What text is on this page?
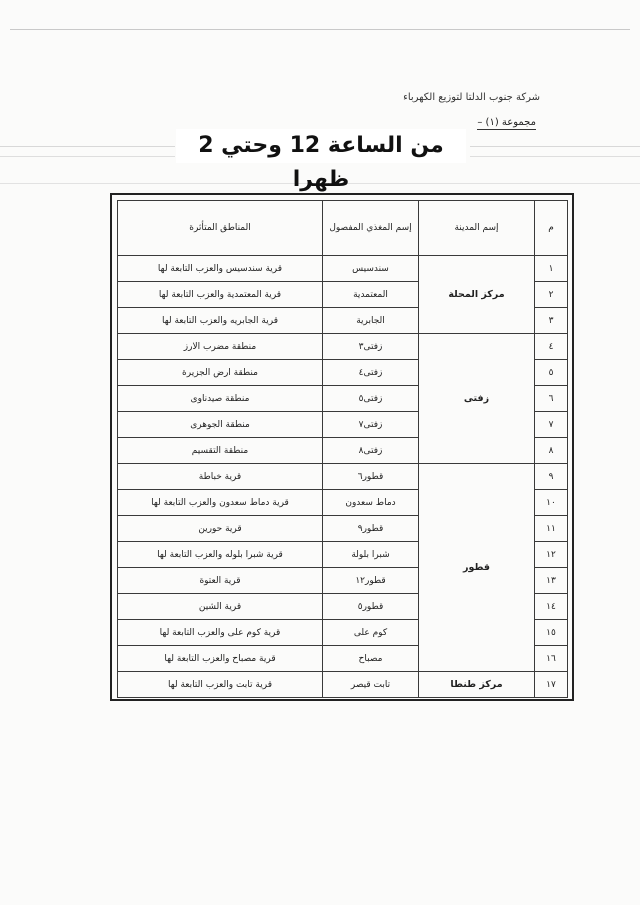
شركة جنوب الدلتا لتوزيع الكهرباء
مجموعة (١) –
من الساعة 12 وحتي 2 ظهرا
م	إسم المدينة	إسم المغذي المفصول	المناطق المتأثرة
١	مركز المحلة	سندسيس	قرية سندسيس والعزب التابعة لها
٢		المعتمدية	قرية المعتمدية والعزب التابعة لها
٣		الجابرية	قرية الجابريه والعزب التابعة لها
٤	زفتى	زفتى٣	منطقة مضرب الارز
٥		زفتى٤	منطقة ارض الجزيرة
٦		زفتى٥	منطقة صيدناوى
٧		زفتى٧	منطقة الجوهرى
٨		زفتى٨	منطقة التقسيم
٩	قطور	قطور٦	قرية خباطة
١٠		دماط سعدون	قرية دماط سعدون والعزب التابعة لها
١١		قطور٩	قرية حورين
١٢		شبرا بلولة	قرية شبرا بلوله والعزب التابعة لها
١٣		قطور١٢	قرية العتوة
١٤		قطور٥	قرية الشين
١٥		كوم على	قرية كوم على والعزب التابعة لها
١٦		مصباح	قرية مصباح والعزب التابعة لها
١٧	مركز طنطا	تابت قيصر	قرية تابت والعزب التابعة لها
